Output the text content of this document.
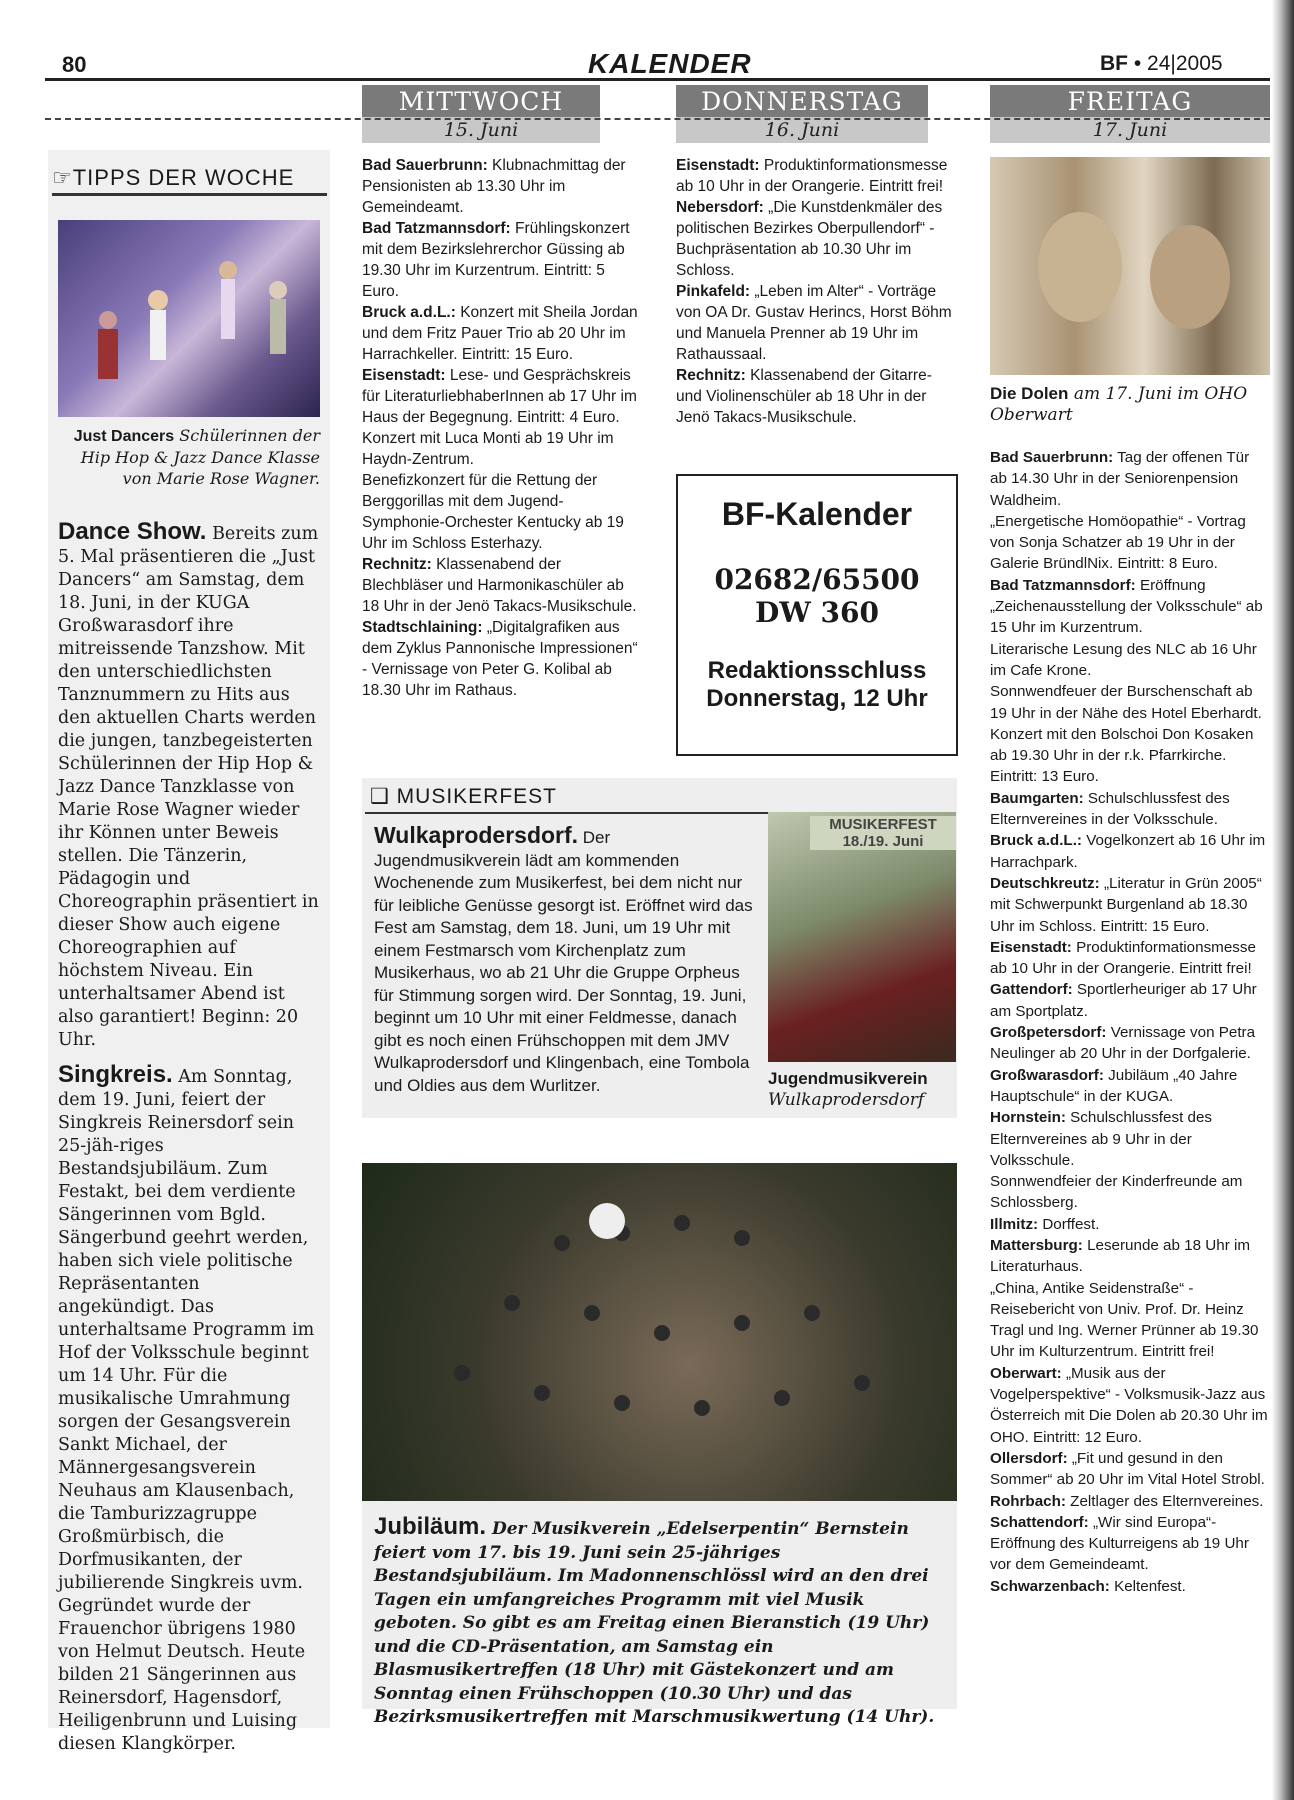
80	KALENDER	BF • 24|2005
MITTWOCH
15. Juni
DONNERSTAG
16. Juni
FREITAG
17. Juni
☞TIPPS DER WOCHE
Just Dancers Schülerinnen der Hip Hop & Jazz Dance Klasse von Marie Rose Wagner.
Dance Show. Bereits zum 5. Mal präsentieren die „Just Dancers“ am Samstag, dem 18. Juni, in der KUGA Großwarasdorf ihre mitreissende Tanzshow. Mit den unterschiedlichsten Tanznummern zu Hits aus den aktuellen Charts werden die jungen, tanzbegeisterten Schülerinnen der Hip Hop & Jazz Dance Tanzklasse von Marie Rose Wagner wieder ihr Können unter Beweis stellen. Die Tänzerin, Pädagogin und Choreographin präsentiert in dieser Show auch eigene Choreographien auf höchstem Niveau. Ein unterhaltsamer Abend ist also garantiert! Beginn: 20 Uhr.
Singkreis. Am Sonntag, dem 19. Juni, feiert der Singkreis Reinersdorf sein 25-jäh-riges Bestandsjubiläum. Zum Festakt, bei dem verdiente Sängerinnen vom Bgld. Sängerbund geehrt werden, haben sich viele politische Repräsentanten angekündigt. Das unterhaltsame Programm im Hof der Volksschule beginnt um 14 Uhr. Für die musikalische Umrahmung sorgen der Gesangsverein Sankt Michael, der Männergesangsverein Neuhaus am Klausenbach, die Tamburizzagruppe Großmürbisch, die Dorfmusikanten, der jubilierende Singkreis uvm. Gegründet wurde der Frauenchor übrigens 1980 von Helmut Deutsch. Heute bilden 21 Sängerinnen aus Reinersdorf, Hagensdorf, Heiligenbrunn und Luising diesen Klangkörper.

Bad Sauerbrunn: Klubnachmittag der Pensionisten ab 13.30 Uhr im Gemeindeamt.

Bad Tatzmannsdorf: Frühlingskonzert mit dem Bezirkslehrerchor Güssing ab 19.30 Uhr im Kurzentrum. Eintritt: 5 Euro.

Bruck a.d.L.: Konzert mit Sheila Jordan und dem Fritz Pauer Trio ab 20 Uhr im Harrachkeller. Eintritt: 15 Euro.

Eisenstadt: Lese- und Gesprächskreis für LiteraturliebhaberInnen ab 17 Uhr im Haus der Begegnung. Eintritt: 4 Euro.

Konzert mit Luca Monti ab 19 Uhr im Haydn-Zentrum.

Benefizkonzert für die Rettung der Berggorillas mit dem Jugend-Symphonie-Orchester Kentucky ab 19 Uhr im Schloss Esterhazy.

Rechnitz: Klassenabend der Blechbläser und Harmonikaschüler ab 18 Uhr in der Jenö Takacs-Musikschule.

Stadtschlaining: „Digitalgrafiken aus dem Zyklus Pannonische Impressionen“ - Vernissage von Peter G. Kolibal ab 18.30 Uhr im Rathaus.

Eisenstadt: Produktinformationsmesse ab 10 Uhr in der Orangerie. Eintritt frei!

Nebersdorf: „Die Kunstdenkmäler des politischen Bezirkes Oberpullendorf“ - Buchpräsentation ab 10.30 Uhr im Schloss.

Pinkafeld: „Leben im Alter“ - Vorträge von OA Dr. Gustav Herincs, Horst Böhm und Manuela Prenner ab 19 Uhr im Rathaussaal.

Rechnitz: Klassenabend der Gitarre- und Violinenschüler ab 18 Uhr in der Jenö Takacs-Musikschule.

BF-Kalender
02682/65500
DW 360
Redaktionsschluss
Donnerstag, 12 Uhr
❑ MUSIKERFEST
Wulkaprodersdorf. Der Jugendmusikverein lädt am kommenden Wochenende zum Musikerfest, bei dem nicht nur für leibliche Genüsse gesorgt ist. Eröffnet wird das Fest am Samstag, dem 18. Juni, um 19 Uhr mit einem Festmarsch vom Kirchenplatz zum Musikerhaus, wo ab 21 Uhr die Gruppe Orpheus für Stimmung sorgen wird. Der Sonntag, 19. Juni, beginnt um 10 Uhr mit einer Feldmesse, danach gibt es noch einen Frühschoppen mit dem JMV Wulkaprodersdorf und Klingenbach, eine Tombola und Oldies aus dem Wurlitzer.
MUSIKERFEST
18./19. Juni
Jugendmusikverein
Wulkaprodersdorf
Jubiläum. Der Musikverein „Edelserpentin“ Bernstein feiert vom 17. bis 19. Juni sein 25-jähriges Bestandsjubiläum. Im Madonnenschlössl wird an den drei Tagen ein umfangreiches Programm mit viel Musik geboten. So gibt es am Freitag einen Bieranstich (19 Uhr) und die CD-Präsentation, am Samstag ein Blasmusikertreffen (18 Uhr) mit Gästekonzert und am Sonntag einen Frühschoppen (10.30 Uhr) und das Bezirksmusikertreffen mit Marschmusikwertung (14 Uhr).
Die Dolen am 17. Juni im OHO Oberwart

Bad Sauerbrunn: Tag der offenen Tür ab 14.30 Uhr in der Seniorenpension Waldheim.

„Energetische Homöopathie“ - Vortrag von Sonja Schatzer ab 19 Uhr in der Galerie BründlNix. Eintritt: 8 Euro.

Bad Tatzmannsdorf: Eröffnung „Zeichenausstellung der Volksschule“ ab 15 Uhr im Kurzentrum.

Literarische Lesung des NLC ab 16 Uhr im Cafe Krone.

Sonnwendfeuer der Burschenschaft ab 19 Uhr in der Nähe des Hotel Eberhardt.

Konzert mit den Bolschoi Don Kosaken ab 19.30 Uhr in der r.k. Pfarrkirche. Eintritt: 13 Euro.

Baumgarten: Schulschlussfest des Elternvereines in der Volksschule.

Bruck a.d.L.: Vogelkonzert ab 16 Uhr im Harrachpark.

Deutschkreutz: „Literatur in Grün 2005“ mit Schwerpunkt Burgenland ab 18.30 Uhr im Schloss. Eintritt: 15 Euro.

Eisenstadt: Produktinformationsmesse ab 10 Uhr in der Orangerie. Eintritt frei!

Gattendorf: Sportlerheuriger ab 17 Uhr am Sportplatz.

Großpetersdorf: Vernissage von Petra Neulinger ab 20 Uhr in der Dorfgalerie.

Großwarasdorf: Jubiläum „40 Jahre Hauptschule“ in der KUGA.

Hornstein: Schulschlussfest des Elternvereines ab 9 Uhr in der Volksschule.

Sonnwendfeier der Kinderfreunde am Schlossberg.

Illmitz: Dorffest.

Mattersburg: Leserunde ab 18 Uhr im Literaturhaus.

„China, Antike Seidenstraße“ - Reisebericht von Univ. Prof. Dr. Heinz Tragl und Ing. Werner Prünner ab 19.30 Uhr im Kulturzentrum. Eintritt frei!

Oberwart: „Musik aus der Vogelperspektive“ - Volksmusik-Jazz aus Österreich mit Die Dolen ab 20.30 Uhr im OHO. Eintritt: 12 Euro.

Ollersdorf: „Fit und gesund in den Sommer“ ab 20 Uhr im Vital Hotel Strobl.

Rohrbach: Zeltlager des Elternvereines.

Schattendorf: „Wir sind Europa“-Eröffnung des Kulturreigens ab 19 Uhr vor dem Gemeindeamt.

Schwarzenbach: Keltenfest.
